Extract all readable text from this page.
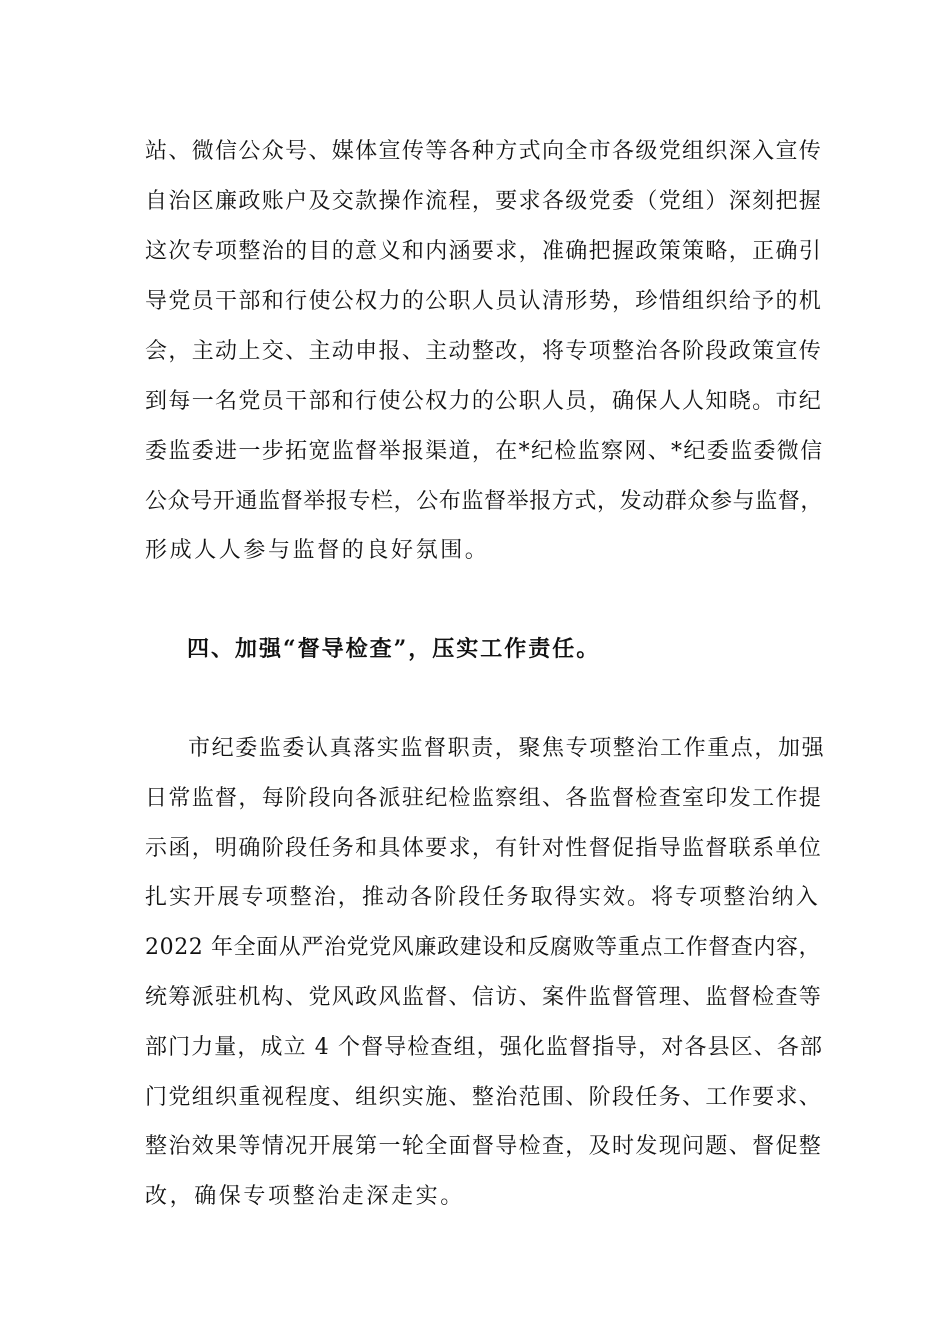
站、微信公众号、媒体宣传等各种方式向全市各级党组织深入宣传
自治区廉政账户及交款操作流程，要求各级党委（党组）深刻把握
这次专项整治的目的意义和内涵要求，准确把握政策策略，正确引
导党员干部和行使公权力的公职人员认清形势，珍惜组织给予的机
会，主动上交、主动申报、主动整改，将专项整治各阶段政策宣传
到每一名党员干部和行使公权力的公职人员，确保人人知晓。市纪
委监委进一步拓宽监督举报渠道，在*纪检监察网、*纪委监委微信
公众号开通监督举报专栏，公布监督举报方式，发动群众参与监督，
形成人人参与监督的良好氛围。
四、加强“督导检查”，压实工作责任。
市纪委监委认真落实监督职责，聚焦专项整治工作重点，加强
日常监督，每阶段向各派驻纪检监察组、各监督检查室印发工作提
示函，明确阶段任务和具体要求，有针对性督促指导监督联系单位
扎实开展专项整治，推动各阶段任务取得实效。将专项整治纳入
2022 年全面从严治党党风廉政建设和反腐败等重点工作督查内容，
统筹派驻机构、党风政风监督、信访、案件监督管理、监督检查等
部门力量，成立 4 个督导检查组，强化监督指导，对各县区、各部
门党组织重视程度、组织实施、整治范围、阶段任务、工作要求、
整治效果等情况开展第一轮全面督导检查，及时发现问题、督促整
改，确保专项整治走深走实。
